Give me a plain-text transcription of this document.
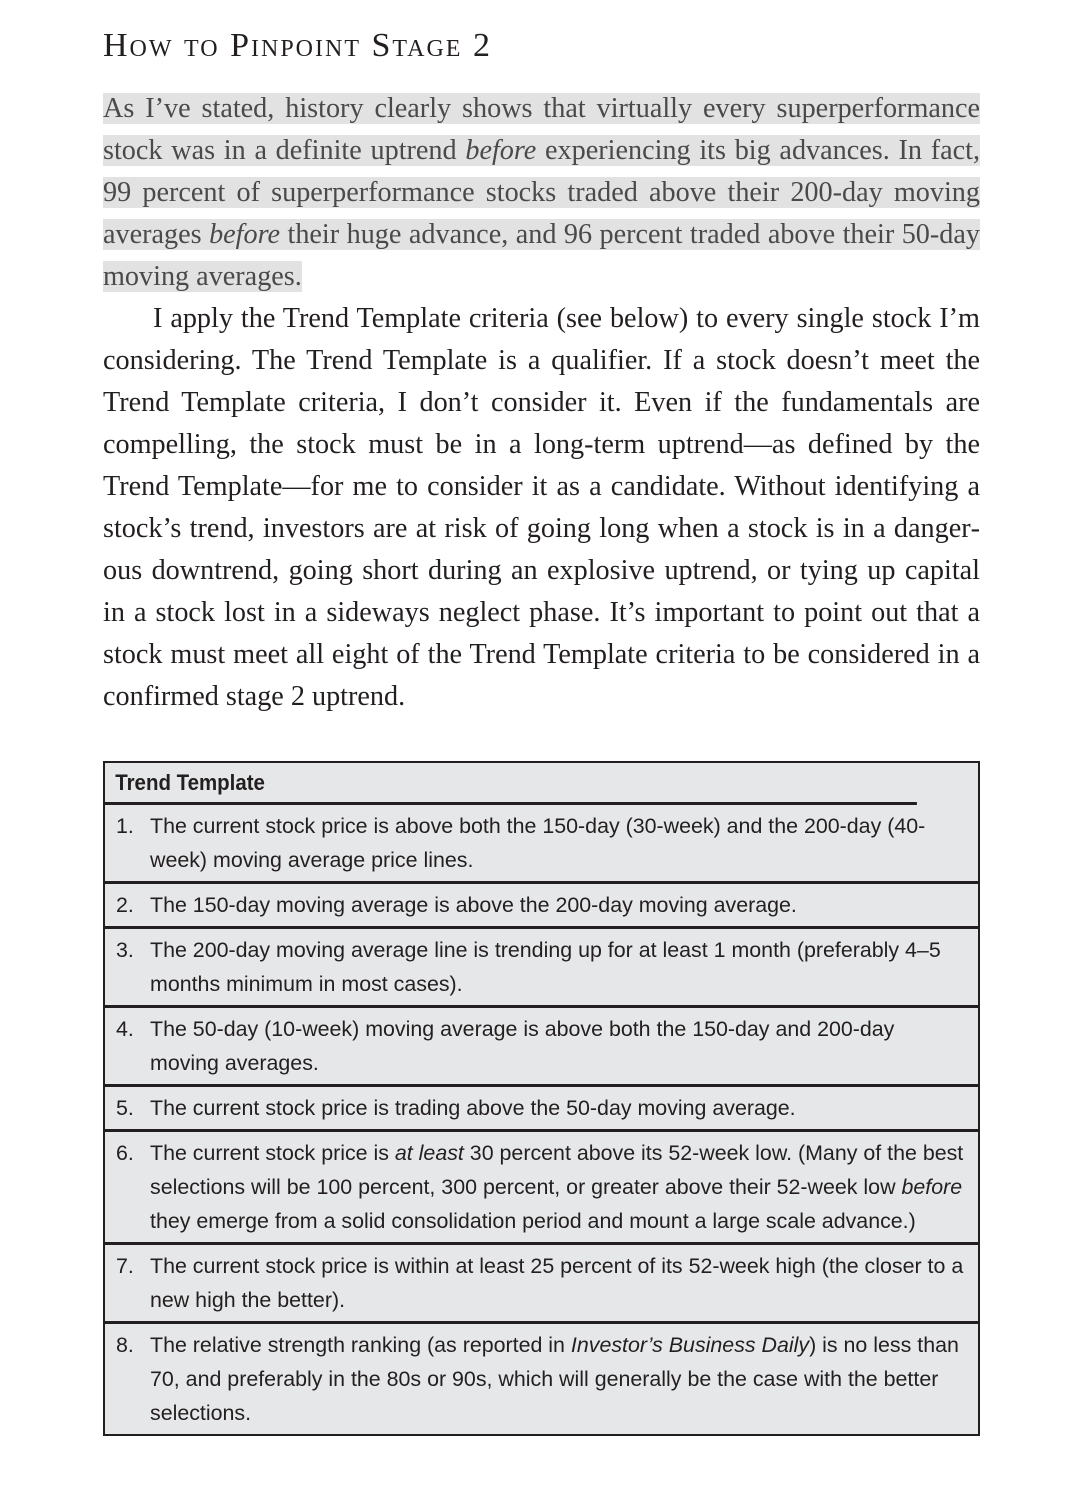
How to Pinpoint Stage 2

As I’ve stated, history clearly shows that virtually every superperformance stock was in a definite uptrend before experiencing its big advances. In fact, 99 percent of superperformance stocks traded above their 200-day moving averages before their huge advance, and 96 percent traded above their 50-day moving averages.

I apply the Trend Template criteria (see below) to every single stock I’m considering. The Trend Template is a qualifier. If a stock doesn’t meet the Trend Template criteria, I don’t consider it. Even if the fundamentals are compelling, the stock must be in a long-term uptrend—as defined by the Trend Template—for me to consider it as a candidate. Without identifying a stock’s trend, investors are at risk of going long when a stock is in a dangerous downtrend, going short during an explosive uptrend, or tying up capital in a stock lost in a sideways neglect phase. It’s important to point out that a stock must meet all eight of the Trend Template criteria to be considered in a confirmed stage 2 uptrend.

Trend Template
1. The current stock price is above both the 150-day (30-week) and the 200-day (40-week) moving average price lines.
2. The 150-day moving average is above the 200-day moving average.
3. The 200-day moving average line is trending up for at least 1 month (preferably 4–5 months minimum in most cases).
4. The 50-day (10-week) moving average is above both the 150-day and 200-day moving averages.
5. The current stock price is trading above the 50-day moving average.
6. The current stock price is at least 30 percent above its 52-week low. (Many of the best selections will be 100 percent, 300 percent, or greater above their 52-week low before they emerge from a solid consolidation period and mount a large scale advance.)
7. The current stock price is within at least 25 percent of its 52-week high (the closer to a new high the better).
8. The relative strength ranking (as reported in Investor’s Business Daily) is no less than 70, and preferably in the 80s or 90s, which will generally be the case with the better selections.
